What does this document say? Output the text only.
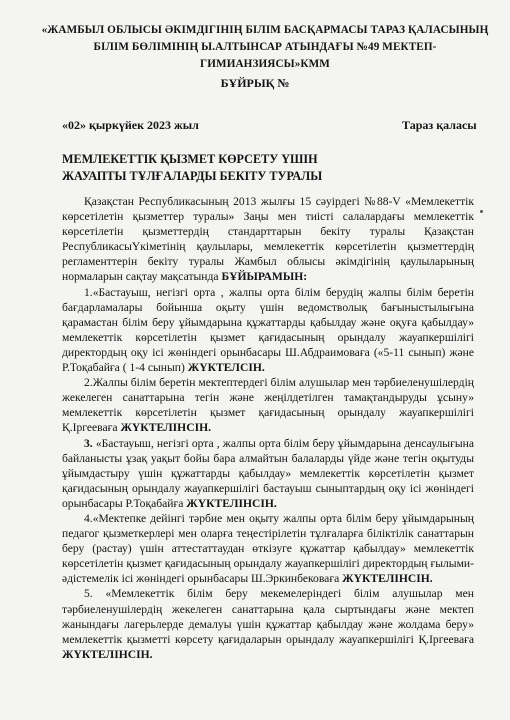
«ЖАМБЫЛ ОБЛЫСЫ ӘКІМДІГІНІҢ БІЛІМ БАСҚАРМАСЫ ТАРАЗ ҚАЛАСЫНЫҢ
БІЛІМ БӨЛІМІНІҢ Ы.АЛТЫНСАР АТЫНДАҒЫ №49 МЕКТЕП-ГИМИАНЗИЯСЫ»КММ
БҰЙРЫҚ №
«02» қыркүйек 2023 жыл	Тараз қаласы
МЕМЛЕКЕТТІК ҚЫЗМЕТ КӨРСЕТУ ҮШІН
ЖАУАПТЫ ТҰЛҒАЛАРДЫ БЕКІТУ ТУРАЛЫ

Қазақстан Республикасының 2013 жылғы 15 сәуірдегі №88-V «Мемлекеттік көрсетілетін қызметтер туралы» Заңы мен тиісті салалардағы мемлекеттік көрсетілетін қызметтердің стандарттарын бекіту туралы Қазақстан РеспубликасыҮкіметінің қаулылары, мемлекеттік көрсетілетін қызметтердің регламенттерін бекіту туралы Жамбыл облысы әкімдігінің қаулыларының нормаларын сақтау мақсатында БҰЙЫРАМЫН:

1.«Бастауыш, негізгі орта , жалпы орта білім берудің жалпы білім беретін бағдарламалары бойынша оқыту үшін ведомстволық бағыныстылығына қарамастан білім беру ұйымдарына құжаттарды қабылдау және оқуға қабылдау» мемлекеттік көрсетілетін қызмет қағидасының орындалу жауапкершілігі директордың оқу ісі жөніндегі орынбасары Ш.Абдраимоваға («5-11 сынып) және Р.Тоқабайға ( 1-4 сынып) ЖҮКТЕЛСІН.

2.Жалпы білім беретін мектептердегі білім алушылар мен тәрбиеленушілердің жекелеген санаттарына тегін және жеңілдетілген тамақтандыруды ұсыну» мемлекеттік көрсетілетін қызмет қағидасының орындалу жауапкершілігі Қ.Іргееваға ЖҮКТЕЛІНСІН.

3. «Бастауыш, негізгі орта , жалпы орта білім беру ұйымдарына денсаулығына байланысты ұзақ уақыт бойы бара алмайтын балаларды үйде және тегін оқытуды ұйымдастыру үшін құжаттарды қабылдау» мемлекеттік көрсетілетін қызмет қағидасының орындалу жауапкершілігі бастауыш сыныптардың оқу ісі жөніндегі орынбасары Р.Тоқабайға ЖҮКТЕЛІНСІН.

4.«Мектепке дейінгі тәрбие мен оқыту жалпы орта білім беру ұйымдарының педагог қызметкерлері мен оларға теңестірілетін тұлғаларға біліктілік санаттарын беру (растау) үшін аттестаттаудан өткізуге құжаттар қабылдау» мемлекеттік көрсетілетін қызмет қағидасының орындалу жауапкершілігі директордың ғылыми-әдістемелік ісі жөніндегі орынбасары Ш.Эркинбековаға ЖҮКТЕЛІНСІН.

5. «Мемлекеттік білім беру мекемелеріндегі білім алушылар мен тәрбиеленушілердің жекелеген санаттарына қала сыртындағы және мектеп жанындағы лагерьлерде демалуы үшін құжаттар қабылдау және жолдама беру» мемлекеттік қызметті көрсету қағидаларын орындалу жауапкершілігі Қ.Іргееваға ЖҮКТЕЛІНСІН.
